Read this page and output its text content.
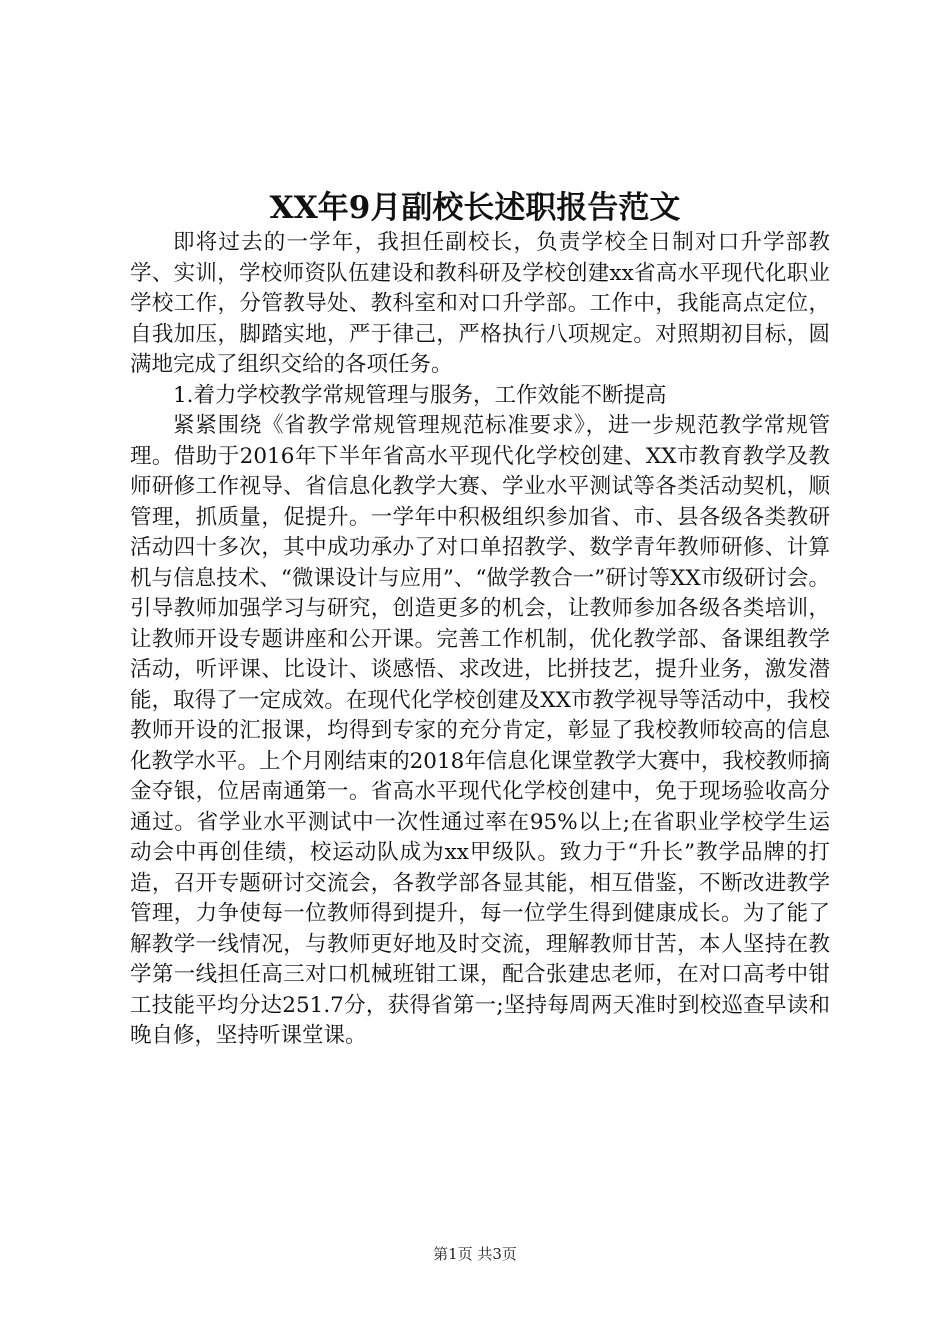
XX年9月副校长述职报告范文

即将过去的一学年，我担任副校长，负责学校全日制对口升学部教学、实训，学校师资队伍建设和教科研及学校创建xx省高水平现代化职业学校工作，分管教导处、教科室和对口升学部。工作中，我能高点定位，自我加压，脚踏实地，严于律己，严格执行八项规定。对照期初目标，圆满地完成了组织交给的各项任务。

1.着力学校教学常规管理与服务，工作效能不断提高

紧紧围绕《省教学常规管理规范标准要求》，进一步规范教学常规管理。借助于2016年下半年省高水平现代化学校创建、XX市教育教学及教师研修工作视导、省信息化教学大赛、学业水平测试等各类活动契机，顺管理，抓质量，促提升。一学年中积极组织参加省、市、县各级各类教研活动四十多次，其中成功承办了对口单招教学、数学青年教师研修、计算机与信息技术、“微课设计与应用”、“做学教合一”研讨等XX市级研讨会。引导教师加强学习与研究，创造更多的机会，让教师参加各级各类培训，让教师开设专题讲座和公开课。完善工作机制，优化教学部、备课组教学活动，听评课、比设计、谈感悟、求改进，比拼技艺，提升业务，激发潜能，取得了一定成效。在现代化学校创建及XX市教学视导等活动中，我校教师开设的汇报课，均得到专家的充分肯定，彰显了我校教师较高的信息化教学水平。上个月刚结束的2018年信息化课堂教学大赛中，我校教师摘金夺银，位居南通第一。省高水平现代化学校创建中，免于现场验收高分通过。省学业水平测试中一次性通过率在95%以上;在省职业学校学生运动会中再创佳绩，校运动队成为xx甲级队。致力于“升长”教学品牌的打造，召开专题研讨交流会，各教学部各显其能，相互借鉴，不断改进教学管理，力争使每一位教师得到提升，每一位学生得到健康成长。为了能了解教学一线情况，与教师更好地及时交流，理解教师甘苦，本人坚持在教学第一线担任高三对口机械班钳工课，配合张建忠老师，在对口高考中钳工技能平均分达251.7分，获得省第一;坚持每周两天准时到校巡查早读和晚自修，坚持听课堂课。

第1页 共3页
